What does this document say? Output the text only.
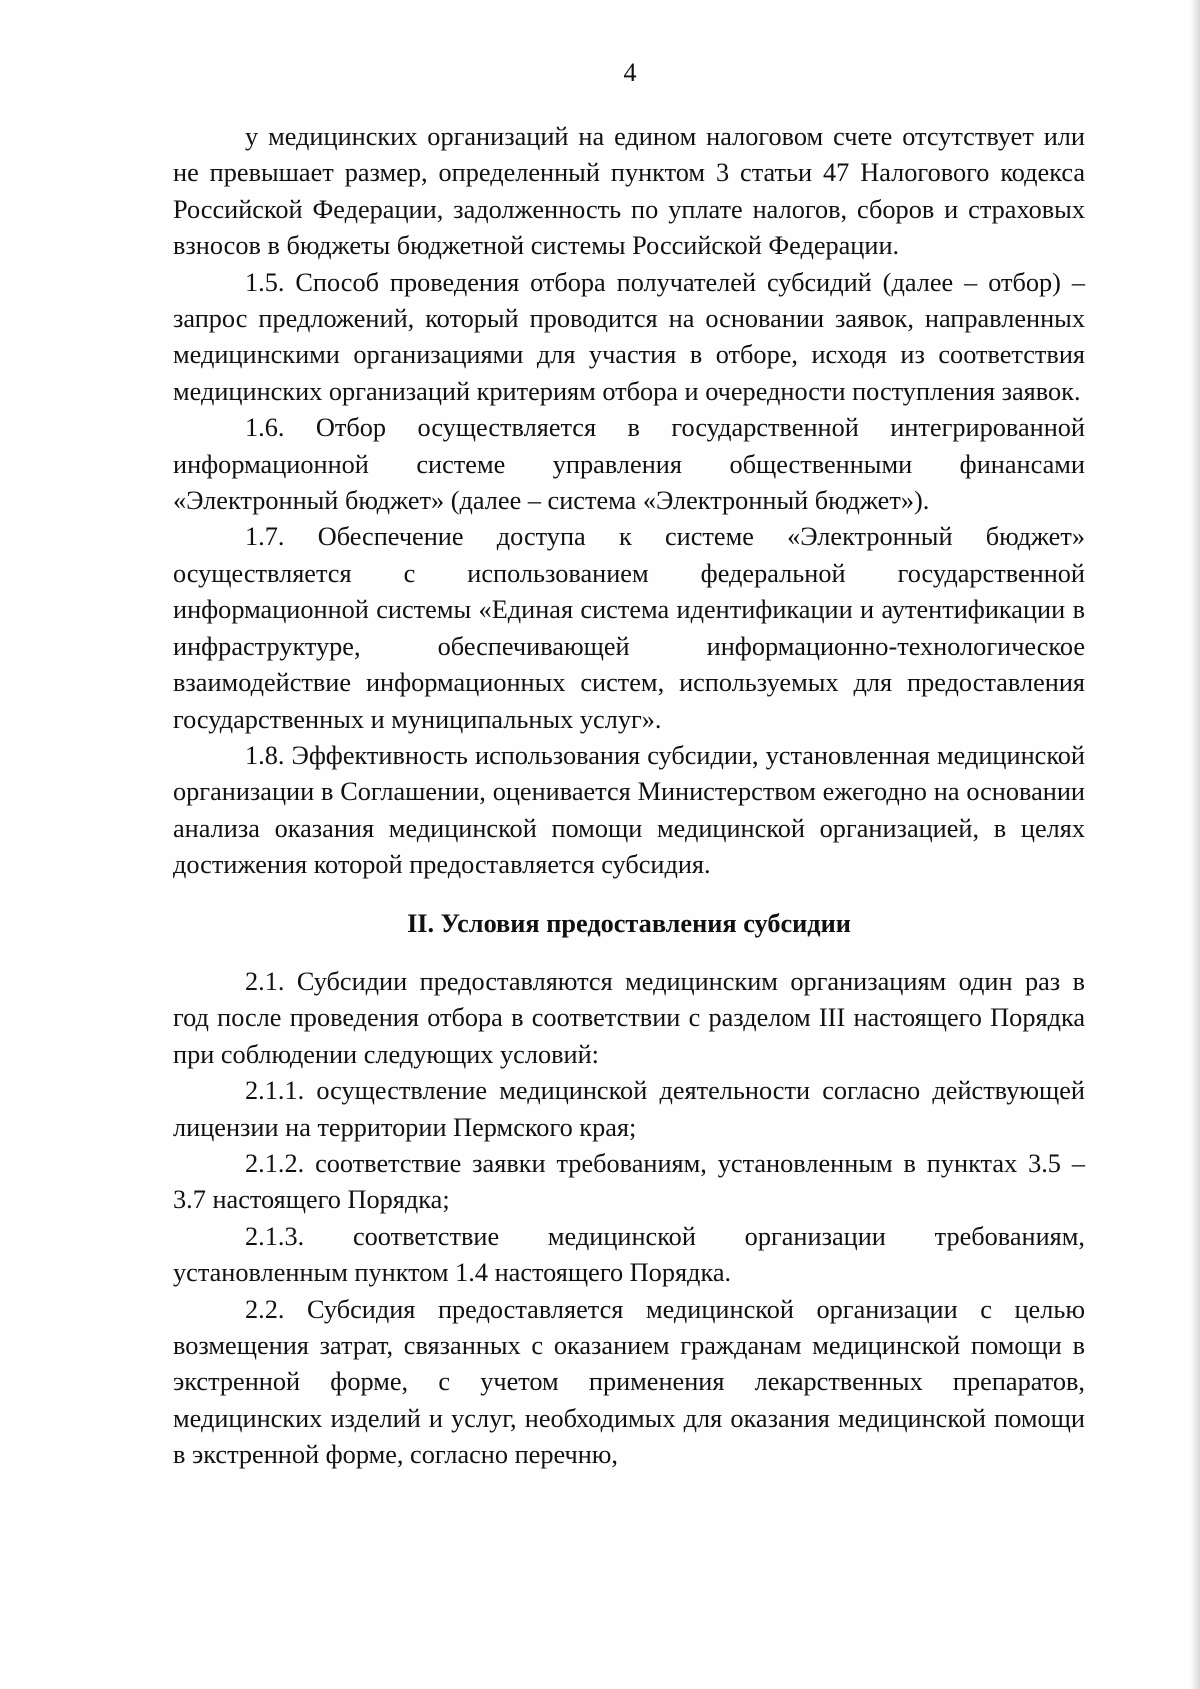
4

у медицинских организаций на едином налоговом счете отсутствует или не превышает размер, определенный пунктом 3 статьи 47 Налогового кодекса Российской Федерации, задолженность по уплате налогов, сборов и страховых взносов в бюджеты бюджетной системы Российской Федерации.

1.5. Способ проведения отбора получателей субсидий (далее – отбор) – запрос предложений, который проводится на основании заявок, направленных медицинскими организациями для участия в отборе, исходя из соответствия медицинских организаций критериям отбора и очередности поступления заявок.

1.6. Отбор осуществляется в государственной интегрированной информационной системе управления общественными финансами «Электронный бюджет» (далее – система «Электронный бюджет»).

1.7. Обеспечение доступа к системе «Электронный бюджет» осуществляется с использованием федеральной государственной информационной системы «Единая система идентификации и аутентификации в инфраструктуре, обеспечивающей информационно-технологическое взаимодействие информационных систем, используемых для предоставления государственных и муниципальных услуг».

1.8. Эффективность использования субсидии, установленная медицинской организации в Соглашении, оценивается Министерством ежегодно на основании анализа оказания медицинской помощи медицинской организацией, в целях достижения которой предоставляется субсидия.

II. Условия предоставления субсидии

2.1. Субсидии предоставляются медицинским организациям один раз в год после проведения отбора в соответствии с разделом III настоящего Порядка при соблюдении следующих условий:

2.1.1. осуществление медицинской деятельности согласно действующей лицензии на территории Пермского края;

2.1.2. соответствие заявки требованиям, установленным в пунктах 3.5 – 3.7 настоящего Порядка;

2.1.3. соответствие медицинской организации требованиям, установленным пунктом 1.4 настоящего Порядка.

2.2. Субсидия предоставляется медицинской организации с целью возмещения затрат, связанных с оказанием гражданам медицинской помощи в экстренной форме, с учетом применения лекарственных препаратов, медицинских изделий и услуг, необходимых для оказания медицинской помощи в экстренной форме, согласно перечню,
